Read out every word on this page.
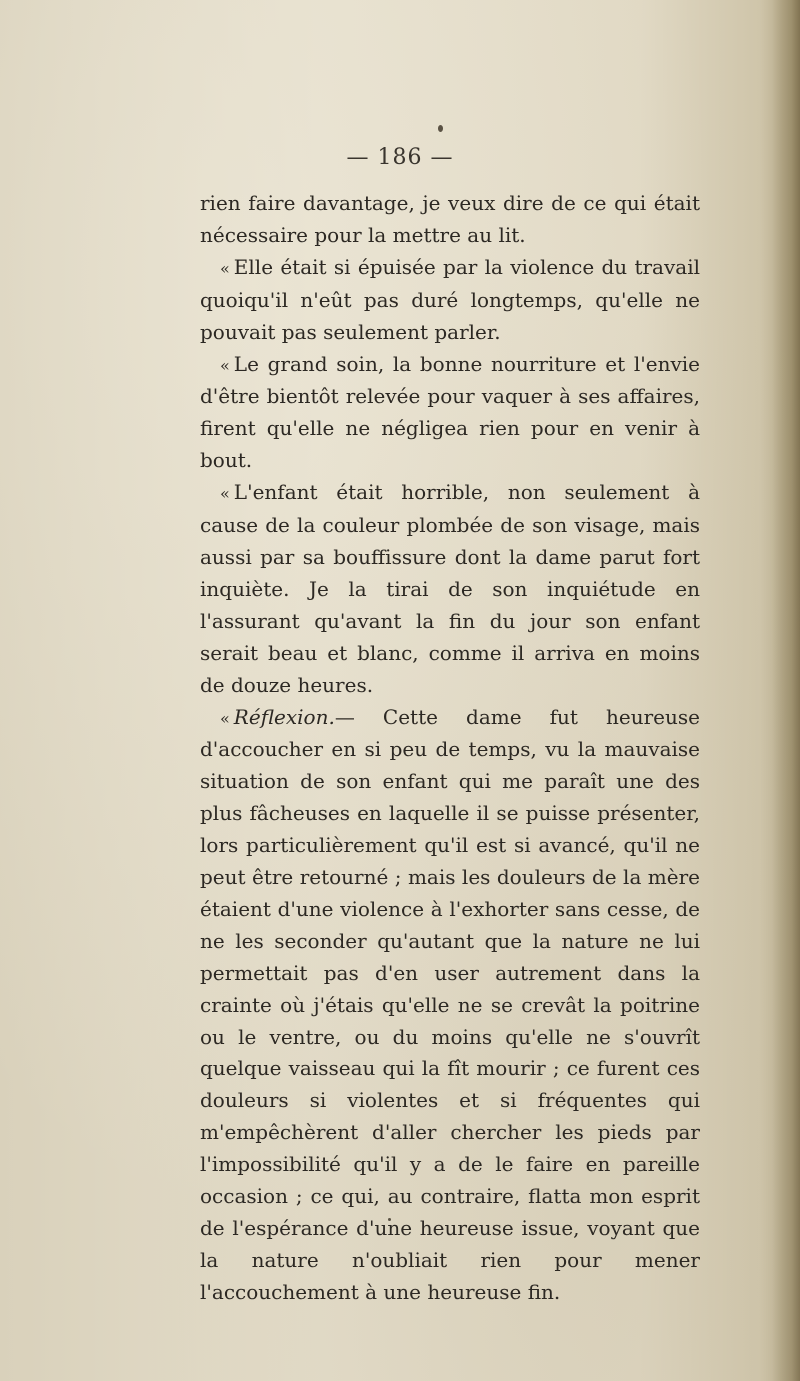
— 186 —

rien faire davantage, je veux dire de ce qui était nécessaire pour la mettre au lit.

« Elle était si épuisée par la violence du travail quoiqu'il n'eût pas duré longtemps, qu'elle ne pouvait pas seulement parler.

« Le grand soin, la bonne nourriture et l'envie d'être bientôt relevée pour vaquer à ses affaires, firent qu'elle ne négligea rien pour en venir à bout.

« L'enfant était horrible, non seulement à cause de la couleur plombée de son visage, mais aussi par sa bouffissure dont la dame parut fort inquiète. Je la tirai de son inquiétude en l'assurant qu'avant la fin du jour son enfant serait beau et blanc, comme il arriva en moins de douze heures.

« Réflexion.— Cette dame fut heureuse d'accoucher en si peu de temps, vu la mauvaise situation de son enfant qui me paraît une des plus fâcheuses en laquelle il se puisse présenter, lors particulièrement qu'il est si avancé, qu'il ne peut être retourné ; mais les douleurs de la mère étaient d'une violence à l'exhorter sans cesse, de ne les seconder qu'autant que la nature ne lui permettait pas d'en user autrement dans la crainte où j'étais qu'elle ne se crevât la poitrine ou le ventre, ou du moins qu'elle ne s'ouvrît quelque vaisseau qui la fît mourir ; ce furent ces douleurs si violentes et si fréquentes qui m'empêchèrent d'aller chercher les pieds par l'impossibilité qu'il y a de le faire en pareille occasion ; ce qui, au contraire, flatta mon esprit de l'espérance d'une heureuse issue, voyant que la nature n'oubliait rien pour mener l'accouchement à une heureuse fin.
